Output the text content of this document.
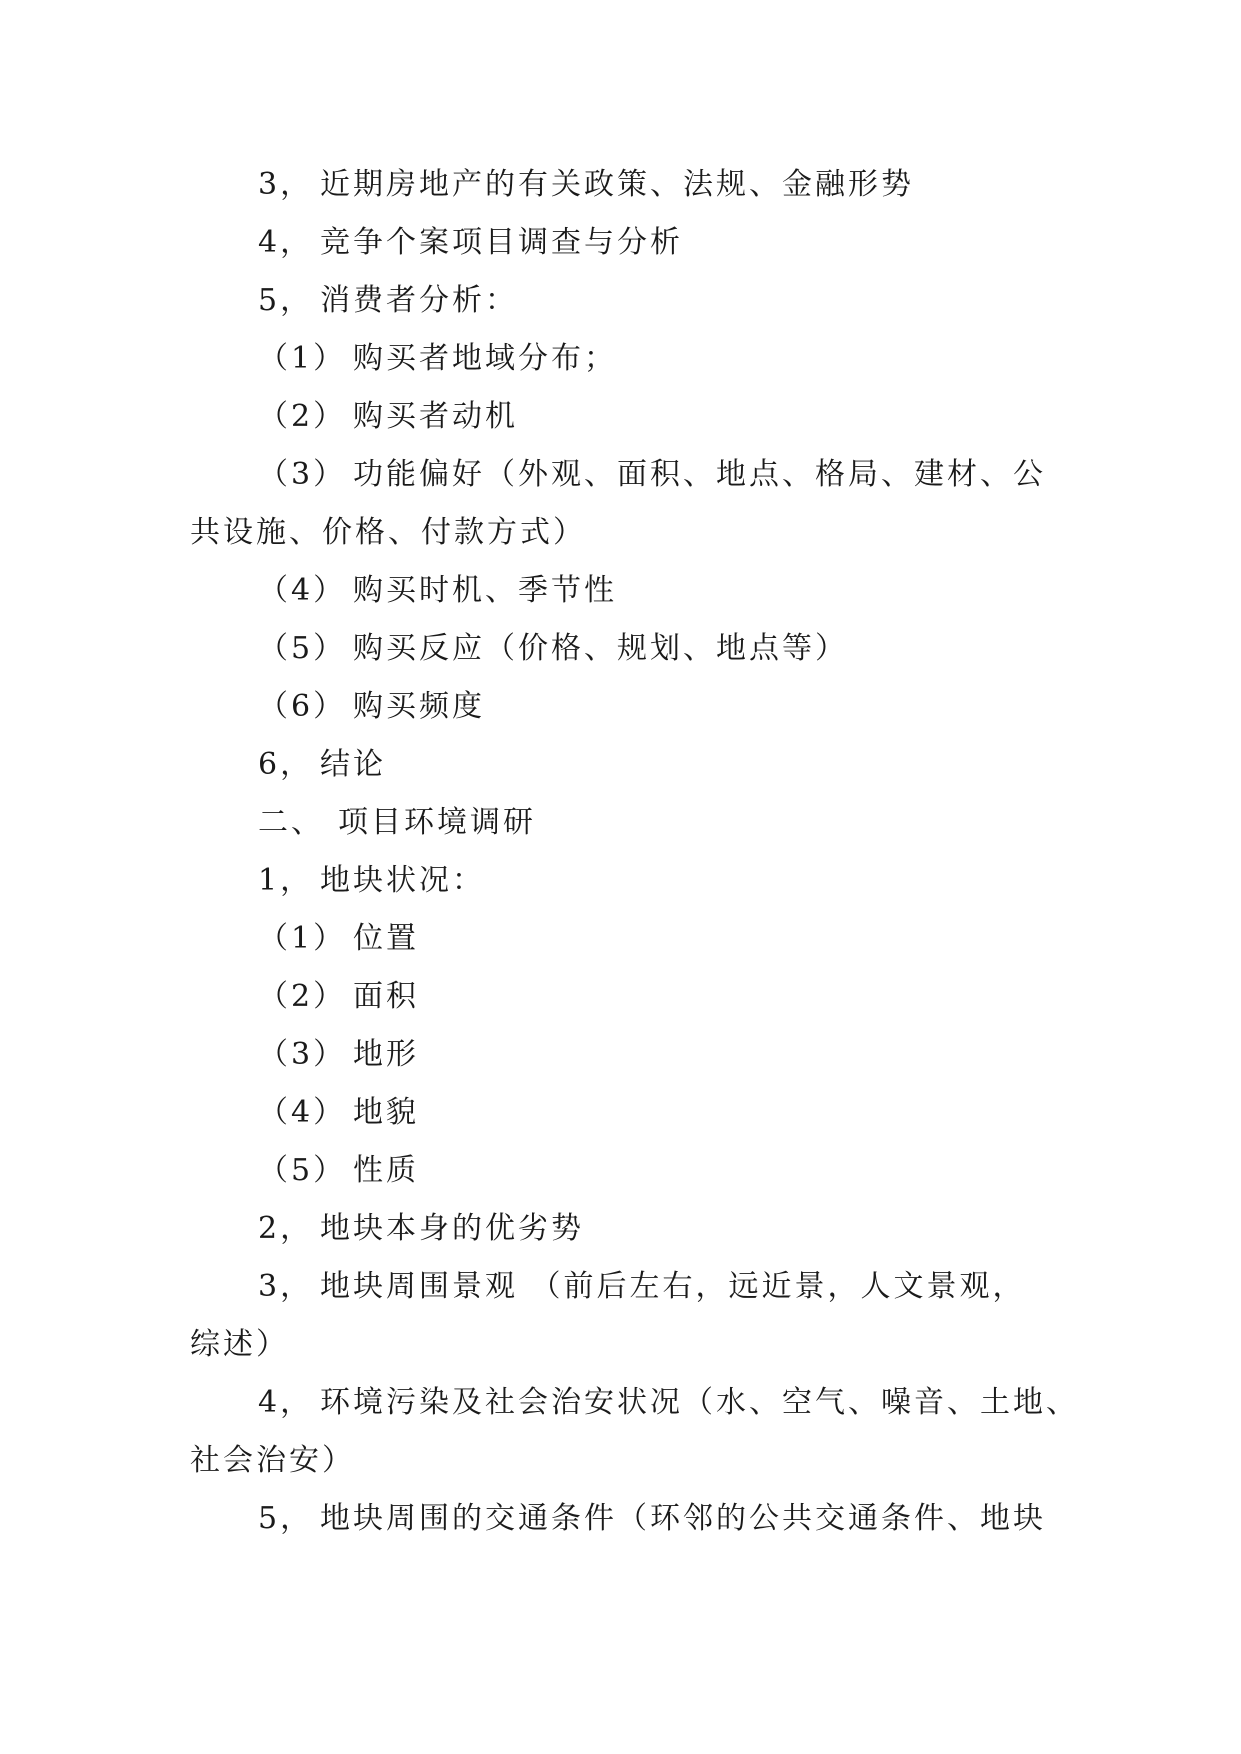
3， 近期房地产的有关政策、法规、金融形势
4， 竞争个案项目调查与分析
5， 消费者分析：
（1） 购买者地域分布；
（2） 购买者动机
（3） 功能偏好（外观、面积、地点、格局、建材、公
共设施、价格、付款方式）
（4） 购买时机、季节性
（5） 购买反应（价格、规划、地点等）
（6） 购买频度
6， 结论
二、 项目环境调研
1， 地块状况：
（1） 位置
（2） 面积
（3） 地形
（4） 地貌
（5） 性质
2， 地块本身的优劣势
3， 地块周围景观 （前后左右，远近景，人文景观，
综述）
4， 环境污染及社会治安状况（水、空气、噪音、土地、
社会治安）
5， 地块周围的交通条件（环邻的公共交通条件、地块
